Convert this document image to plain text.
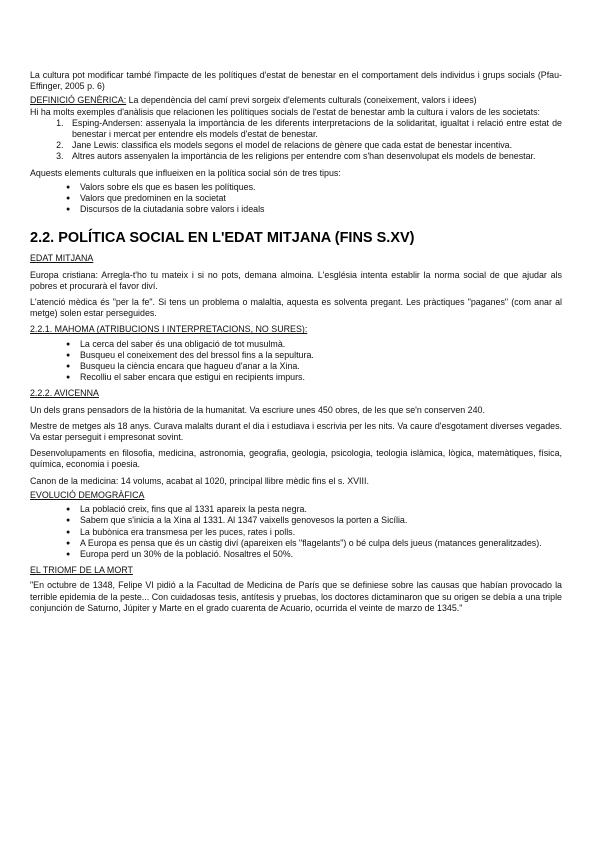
La cultura pot modificar també l'impacte de les polítiques d'estat de benestar en el comportament dels individus i grups socials (Pfau-Effinger, 2005 p. 6)

DEFINICIÓ GENÈRICA: La dependència del camí previ sorgeix d'elements culturals (coneixement, valors i idees)

Hi ha molts exemples d'anàlisis que relacionen les polítiques socials de l'estat de benestar amb la cultura i valors de les societats:

1. Esping-Andersen: assenyala la importància de les diferents interpretacions de la solidaritat, igualtat i relació entre estat de benestar i mercat per entendre els models d'estat de benestar.
2. Jane Lewis: classifica els models segons el model de relacions de gènere que cada estat de benestar incentiva.
3. Altres autors assenyalen la importància de les religions per entendre com s'han desenvolupat els models de benestar.

Aquests elements culturals que influeixen en la política social són de tres tipus:

● Valors sobre els que es basen les polítiques.
● Valors que predominen en la societat
● Discursos de la ciutadania sobre valors i ideals
2.2. POLÍTICA SOCIAL EN L'EDAT MITJANA (FINS S.XV)

EDAT MITJANA

Europa cristiana: Arregla-t'ho tu mateix i si no pots, demana almoina. L'església intenta establir la norma social de que ajudar als pobres et procurarà el favor diví.

L'atenció mèdica és "per la fe". Si tens un problema o malaltia, aquesta es solventa pregant. Les pràctiques "paganes" (com anar al metge) solen estar perseguides.

2.2.1. MAHOMA (ATRIBUCIONS I INTERPRETACIONS, NO SURES):

● La cerca del saber és una obligació de tot musulmà.
● Busqueu el coneixement des del bressol fins a la sepultura.
● Busqueu la ciència encara que hagueu d'anar a la Xina.
● Recolliu el saber encara que estigui en recipients impurs.

2.2.2. AVICENNA

Un dels grans pensadors de la història de la humanitat. Va escriure unes 450 obres, de les que se'n conserven 240.

Mestre de metges als 18 anys. Curava malalts durant el dia i estudiava i escrivia per les nits. Va caure d'esgotament diverses vegades. Va estar perseguit i empresonat sovint.

Desenvolupaments en filosofia, medicina, astronomia, geografia, geologia, psicologia, teologia islàmica, lògica, matemàtiques, física, química, economia i poesia.

Canon de la medicina: 14 volums, acabat al 1020, principal llibre mèdic fins el s. XVIII.

EVOLUCIÓ DEMOGRÀFICA

● La població creix, fins que al 1331 apareix la pesta negra.
● Sabem que s'inicia a la Xina al 1331. Al 1347 vaixells genovesos la porten a Sicília.
● La bubònica era transmesa per les puces, rates i polls.
● A Europa es pensa que és un càstig diví (apareixen els "flagelants") o bé culpa dels jueus (matances generalitzades).
● Europa perd un 30% de la població. Nosaltres el 50%.

EL TRIOMF DE LA MORT

"En octubre de 1348, Felipe VI pidió a la Facultad de Medicina de París que se definiese sobre las causas que habían provocado la terrible epidemia de la peste... Con cuidadosas tesis, antítesis y pruebas, los doctores dictaminaron que su origen se debía a una triple conjunción de Saturno, Júpiter y Marte en el grado cuarenta de Acuario, ocurrida el veinte de marzo de 1345."
